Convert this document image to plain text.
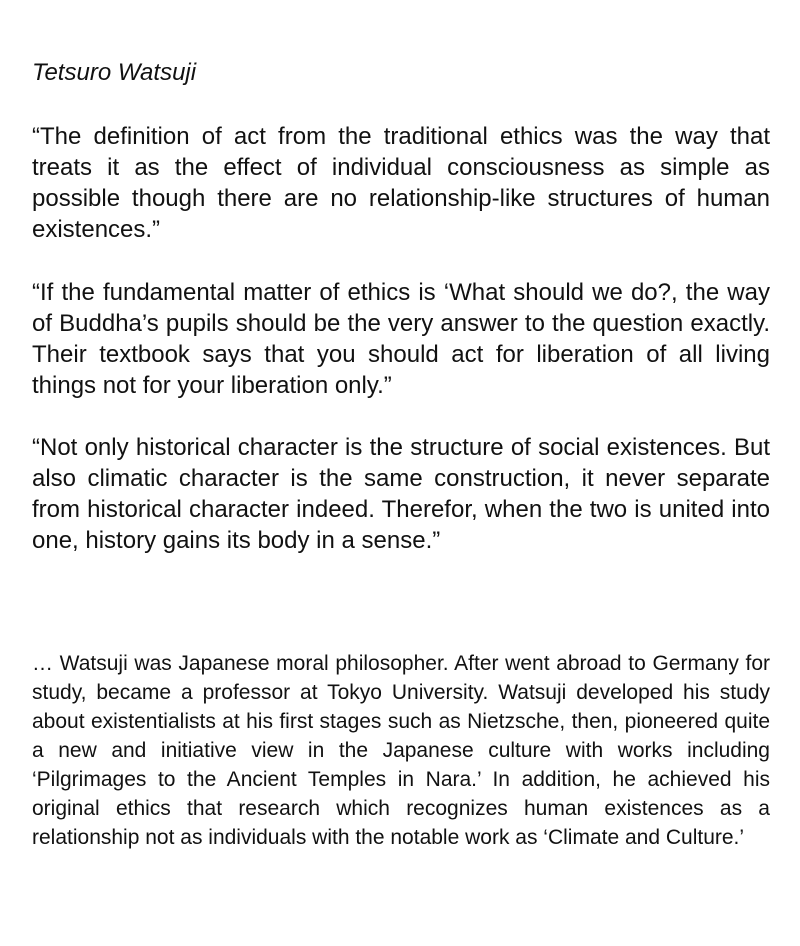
Tetsuro Watsuji

“The definition of act from the traditional ethics was the way that treats it as the effect of individual consciousness as simple as possible though there are no relationship-like structures of human existences.”

“If the fundamental matter of ethics is ‘What should we do?, the way of Buddha’s pupils should be the very answer to the question exactly. Their textbook says that you should act for liberation of all living things not for your liberation only.”

“Not only historical character is the structure of social existences. But also climatic character is the same construction, it never separate from historical character indeed. Therefor, when the two is united into one, history gains its body in a sense.”

… Watsuji was Japanese moral philosopher. After went abroad to Germany for study, became a professor at Tokyo University. Watsuji developed his study about existentialists at his first stages such as Nietzsche, then, pioneered quite a new and initiative view in the Japanese culture with works including ‘Pilgrimages to the Ancient Temples in Nara.’ In addition, he achieved his original ethics that research which recognizes human existences as a relationship not as individuals with the notable work as ‘Climate and Culture.’
